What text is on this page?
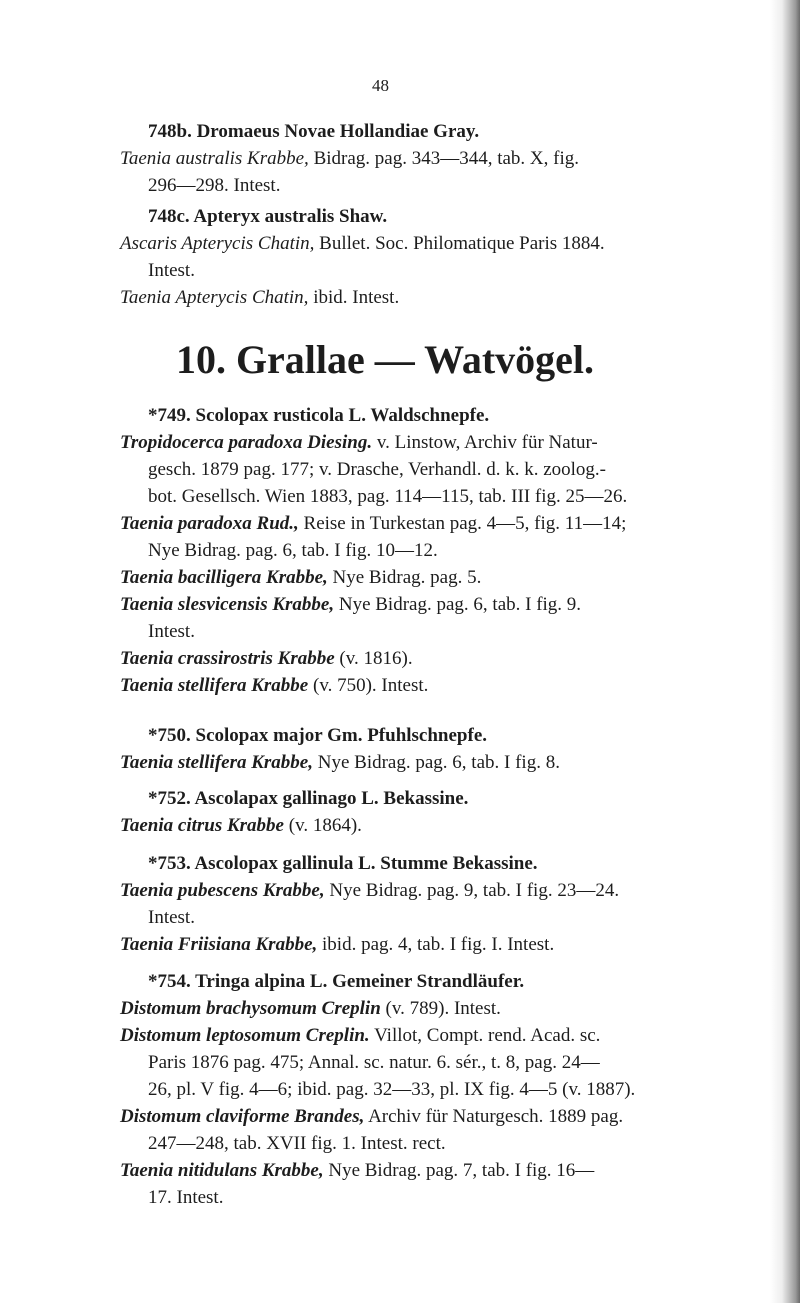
48
748b. Dromaeus Novae Hollandiae Gray.
Taenia australis Krabbe, Bidrag. pag. 343—344, tab. X, fig.
296—298. Intest.
748c. Apteryx australis Shaw.
Ascaris Apterycis Chatin, Bullet. Soc. Philomatique Paris 1884.
Intest.
Taenia Apterycis Chatin, ibid. Intest.
10. Grallae — Watvögel.
*749. Scolopax rusticola L. Waldschnepfe.
Tropidocerca paradoxa Diesing. v. Linstow, Archiv für Natur-
gesch. 1879 pag. 177; v. Drasche, Verhandl. d. k. k. zoolog.-
bot. Gesellsch. Wien 1883, pag. 114—115, tab. III fig. 25—26.
Taenia paradoxa Rud., Reise in Turkestan pag. 4—5, fig. 11—14;
Nye Bidrag. pag. 6, tab. I fig. 10—12.
Taenia bacilligera Krabbe, Nye Bidrag. pag. 5.
Taenia slesvicensis Krabbe, Nye Bidrag. pag. 6, tab. I fig. 9.
Intest.
Taenia crassirostris Krabbe (v. 1816).
Taenia stellifera Krabbe (v. 750). Intest.
*750. Scolopax major Gm. Pfuhlschnepfe.
Taenia stellifera Krabbe, Nye Bidrag. pag. 6, tab. I fig. 8.
*752. Ascolapax gallinago L. Bekassine.
Taenia citrus Krabbe (v. 1864).
*753. Ascolopax gallinula L. Stumme Bekassine.
Taenia pubescens Krabbe, Nye Bidrag. pag. 9, tab. I fig. 23—24.
Intest.
Taenia Friisiana Krabbe, ibid. pag. 4, tab. I fig. I. Intest.
*754. Tringa alpina L. Gemeiner Strandläufer.
Distomum brachysomum Creplin (v. 789). Intest.
Distomum leptosomum Creplin. Villot, Compt. rend. Acad. sc.
Paris 1876 pag. 475; Annal. sc. natur. 6. sér., t. 8, pag. 24—
26, pl. V fig. 4—6; ibid. pag. 32—33, pl. IX fig. 4—5 (v. 1887).
Distomum claviforme Brandes, Archiv für Naturgesch. 1889 pag.
247—248, tab. XVII fig. 1. Intest. rect.
Taenia nitidulans Krabbe, Nye Bidrag. pag. 7, tab. I fig. 16—
17. Intest.
